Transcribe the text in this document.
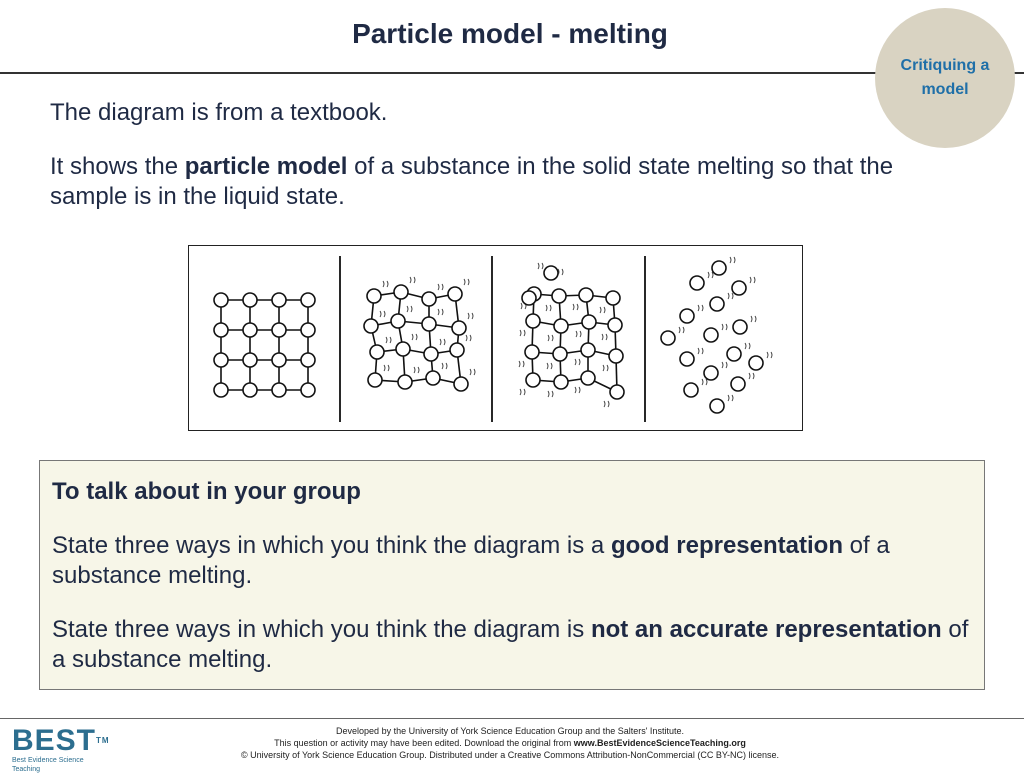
Particle model - melting
Critiquing a model

The diagram is from a textbook.

It shows the particle model of a substance in the solid state melting so that the sample is in the liquid state.

To talk about in your group

State three ways in which you think the diagram is a good representation of a substance melting.

State three ways in which you think the diagram is not an accurate representation of a substance melting.

BEST™
Best Evidence Science Teaching
Developed by the University of York Science Education Group and the Salters' Institute.
This question or activity may have been edited. Download the original from www.BestEvidenceScienceTeaching.org
© University of York Science Education Group. Distributed under a Creative Commons Attribution-NonCommercial (CC BY-NC) license.
